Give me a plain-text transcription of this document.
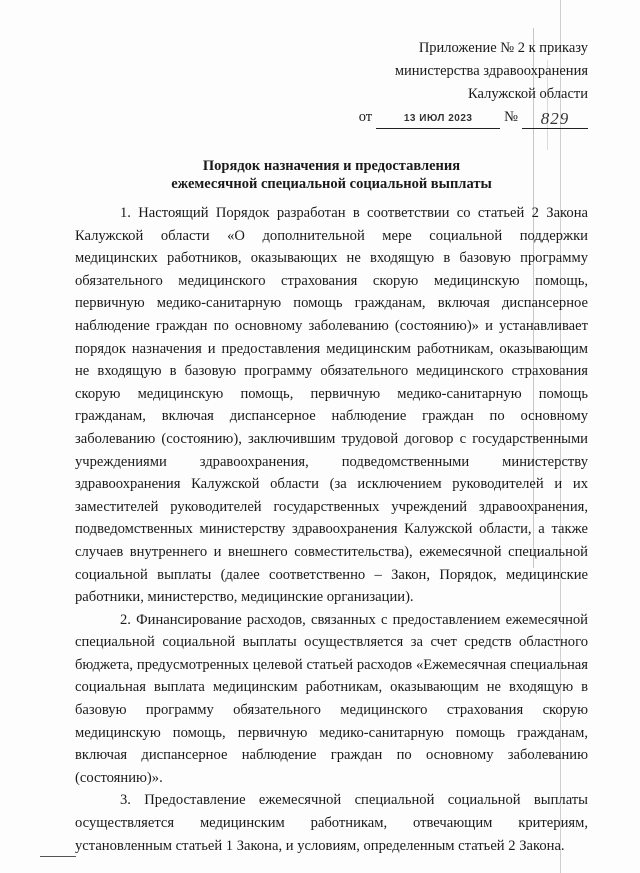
Приложение № 2 к приказу
министерства здравоохранения
Калужской области
от	13 ИЮЛ 2023	№	829
Порядок назначения и предоставления
ежемесячной специальной социальной выплаты

1. Настоящий Порядок разработан в соответствии со статьей 2 Закона Калужской области «О дополнительной мере социальной поддержки медицинских работников, оказывающих не входящую в базовую программу обязательного медицинского страхования скорую медицинскую помощь, первичную медико-санитарную помощь гражданам, включая диспансерное наблюдение граждан по основному заболеванию (состоянию)» и устанавливает порядок назначения и предоставления медицинским работникам, оказывающим не входящую в базовую программу обязательного медицинского страхования скорую медицинскую помощь, первичную медико-санитарную помощь гражданам, включая диспансерное наблюдение граждан по основному заболеванию (состоянию), заключившим трудовой договор с государственными учреждениями здравоохранения, подведомственными министерству здравоохранения Калужской области (за исключением руководителей и их заместителей руководителей государственных учреждений здравоохранения, подведомственных министерству здравоохранения Калужской области, а также случаев внутреннего и внешнего совместительства), ежемесячной специальной социальной выплаты (далее соответственно – Закон, Порядок, медицинские работники, министерство, медицинские организации).

2. Финансирование расходов, связанных с предоставлением ежемесячной специальной социальной выплаты осуществляется за счет средств областного бюджета, предусмотренных целевой статьей расходов «Ежемесячная специальная социальная выплата медицинским работникам, оказывающим не входящую в базовую программу обязательного медицинского страхования скорую медицинскую помощь, первичную медико-санитарную помощь гражданам, включая диспансерное наблюдение граждан по основному заболеванию (состоянию)».

3. Предоставление ежемесячной специальной социальной выплаты осуществляется медицинским работникам, отвечающим критериям, установленным статьей 1 Закона, и условиям, определенным статьей 2 Закона.
